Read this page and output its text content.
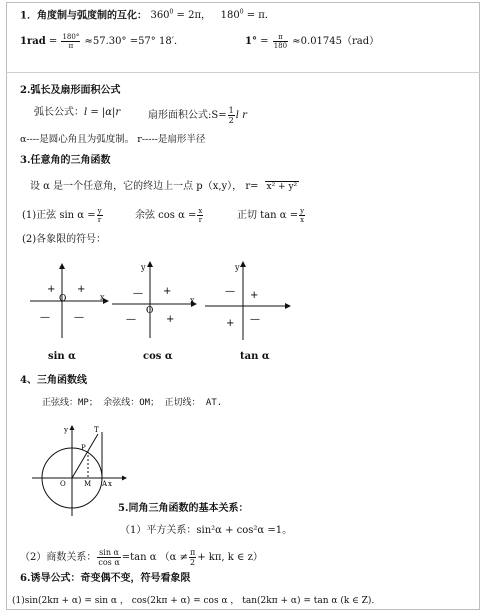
1．角度制与弧度制的互化： $360^0 = 2\pi$， $180^0 = \pi$．
$1rad = \frac{180^\circ}{\pi} \approx 57.30^\circ =57^\circ$ 18′．	$1^\circ = \frac{\pi}{180} \approx 0.01745(rad)$
2.弧长及扇形面积公式
弧长公式：l = |α|r	扇形面积公式:S= $\frac{1}{2}$ l r
α----是圆心角且为弧度制。 r-----是扇形半径
3.任意角的三角函数
设 α 是一个任意角，它的终边上一点 p（x,y）， r= x² + y²
(1)正弦 $\sin \alpha = \frac{y}{r}$	余弦 $\cos \alpha = \frac{x}{r}$	正切 $\tan \alpha = \frac{y}{x}$
(2)各象限的符号：
+ +
— —
O	x
y
— +
—	+
O
x
y
— +
+ —
sin α	cos α	tan α
4、三角函数线
正弦线：MP； 余弦线：OM； 正切线： AT.
y	T
P
O	M A x
5.同角三角函数的基本关系：
（1）平方关系：sin²α + cos²α =1。
（2）商数关系： $\frac{\text{sin α}}{\text{cos α}} =\tan$ α （$\alpha \ne \frac{\pi}{2} + k\pi$, k ∈ z）
6.诱导公式：奇变偶不变，符号看象限
(1)sin(2kπ + α) = sin α ， cos(2kπ + α) = cos α ， tan(2kπ + α) = tan α (k ∈ Z)．
